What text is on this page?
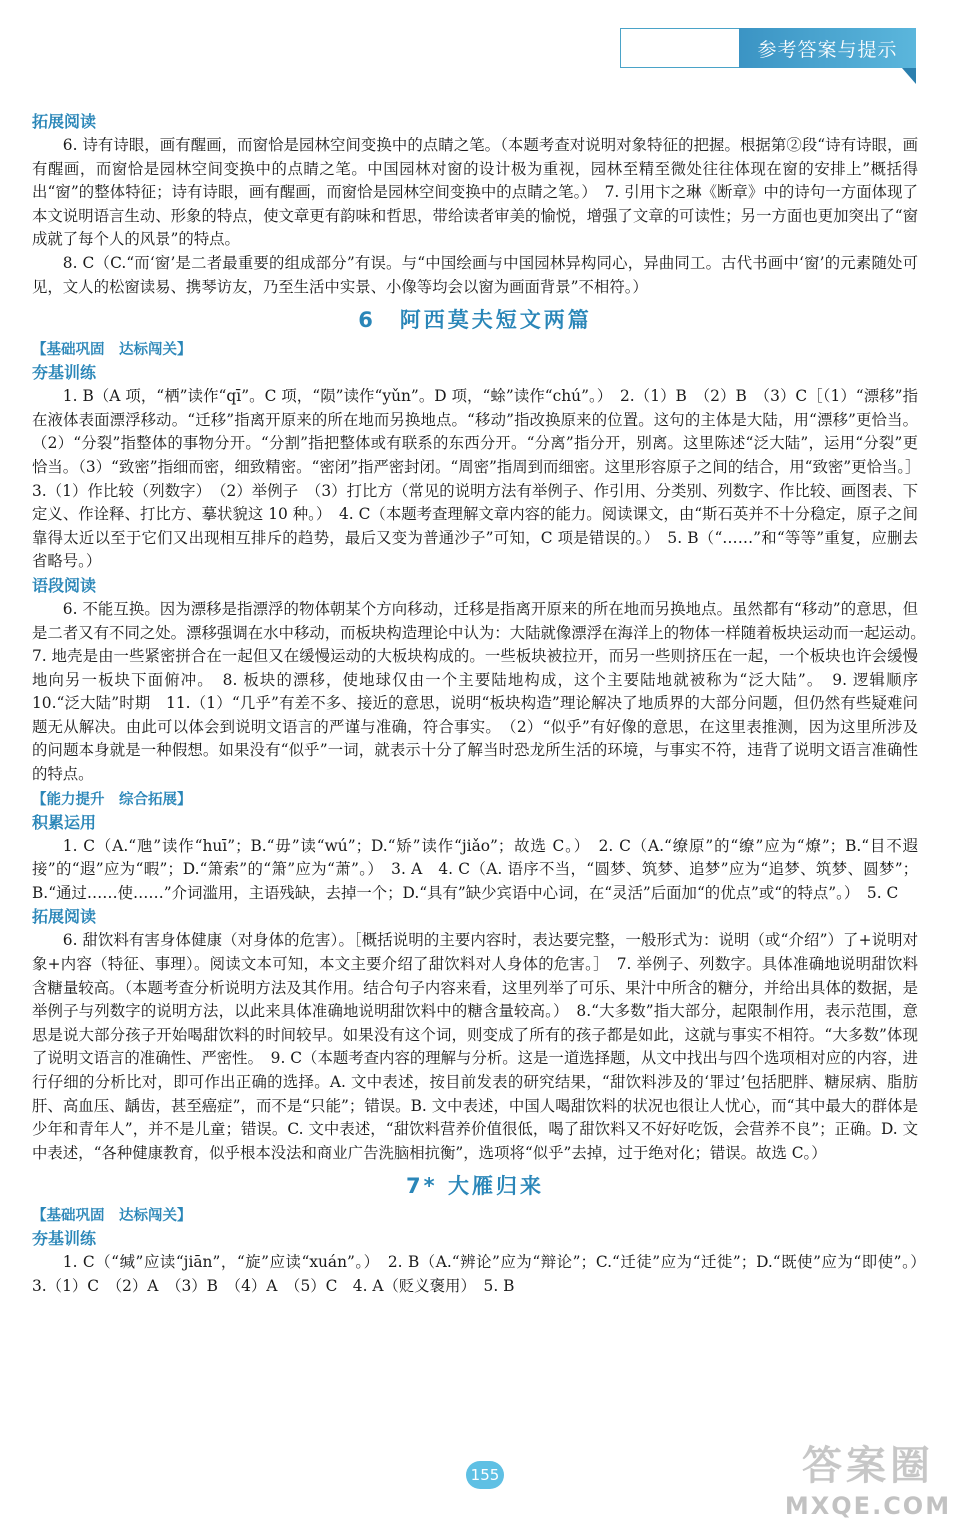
参考答案与提示

拓展阅读

6. 诗有诗眼，画有醒画，而窗恰是园林空间变换中的点睛之笔。（本题考查对说明对象特征的把握。根据第②段“诗有诗眼，画有醒画，而窗恰是园林空间变换中的点睛之笔。中国园林对窗的设计极为重视，园林至精至微处往往体现在窗的安排上”概括得出“窗”的整体特征；诗有诗眼，画有醒画，而窗恰是园林空间变换中的点睛之笔。）　7. 引用卞之琳《断章》中的诗句一方面体现了本文说明语言生动、形象的特点，使文章更有韵味和哲思，带给读者审美的愉悦，增强了文章的可读性；另一方面也更加突出了“窗成就了每个人的风景”的特点。

8. C（C.“而‘窗’是二者最重要的组成部分”有误。与“中国绘画与中国园林异构同心，异曲同工。古代书画中‘窗’的元素随处可见，文人的松窗读易、携琴访友，乃至生活中实景、小像等均会以窗为画面背景”不相符。）

6　阿西莫夫短文两篇

【基础巩固　达标闯关】

夯基训练

1. B（A 项，“栖”读作“qī”。C 项，“陨”读作“yǔn”。D 项，“蜍”读作“chú”。）　2.（1）B　（2）B　（3）C［（1）“漂移”指在液体表面漂浮移动。“迁移”指离开原来的所在地而另换地点。“移动”指改换原来的位置。这句的主体是大陆，用“漂移”更恰当。（2）“分裂”指整体的事物分开。“分割”指把整体或有联系的东西分开。“分离”指分开，别离。这里陈述“泛大陆”，运用“分裂”更恰当。（3）“致密”指细而密，细致精密。“密闭”指严密封闭。“周密”指周到而细密。这里形容原子之间的结合，用“致密”更恰当。］

3.（1）作比较（列数字）　（2）举例子　（3）打比方（常见的说明方法有举例子、作引用、分类别、列数字、作比较、画图表、下定义、作诠释、打比方、摹状貌这 10 种。）　4. C（本题考查理解文章内容的能力。阅读课文，由“斯石英并不十分稳定，原子之间靠得太近以至于它们又出现相互排斥的趋势，最后又变为普通沙子”可知，C 项是错误的。）　5. B（“……”和“等等”重复，应删去省略号。）

语段阅读

6. 不能互换。因为漂移是指漂浮的物体朝某个方向移动，迁移是指离开原来的所在地而另换地点。虽然都有“移动”的意思，但是二者又有不同之处。漂移强调在水中移动，而板块构造理论中认为：大陆就像漂浮在海洋上的物体一样随着板块运动而一起运动。　7. 地壳是由一些紧密拼合在一起但又在缓慢运动的大板块构成的。一些板块被拉开，而另一些则挤压在一起，一个板块也许会缓慢地向另一板块下面俯冲。　8. 板块的漂移，使地球仅由一个主要陆地构成，这个主要陆地就被称为“泛大陆”。　9. 逻辑顺序　10.“泛大陆”时期　11.（1）“几乎”有差不多、接近的意思，说明“板块构造”理论解决了地质界的大部分问题，但仍然有些疑难问题无从解决。由此可以体会到说明文语言的严谨与准确，符合事实。　（2）“似乎”有好像的意思，在这里表推测，因为这里所涉及的问题本身就是一种假想。如果没有“似乎”一词，就表示十分了解当时恐龙所生活的环境，与事实不符，违背了说明文语言准确性的特点。

【能力提升　综合拓展】

积累运用

1. C（A.“虺”读作“huī”；B.“毋”读“wú”；D.“矫”读作“jiǎo”；故选 C。）　2. C（A.“缭原”的“缭”应为“燎”；B.“目不遐接”的“遐”应为“暇”；D.“箫索”的“箫”应为“萧”。）　3. A　4. C（A. 语序不当，“圆梦、筑梦、追梦”应为“追梦、筑梦、圆梦”；B.“通过……使……”介词滥用，主语残缺，去掉一个；D.“具有”缺少宾语中心词，在“灵活”后面加“的优点”或“的特点”。）　5. C

拓展阅读

6. 甜饮料有害身体健康（对身体的危害）。［概括说明的主要内容时，表达要完整，一般形式为：说明（或“介绍”）了+说明对象+内容（特征、事理）。阅读文本可知，本文主要介绍了甜饮料对人身体的危害。］　7. 举例子、列数字。具体准确地说明甜饮料含糖量较高。（本题考查分析说明方法及其作用。结合句子内容来看，这里列举了可乐、果汁中所含的糖分，并给出具体的数据，是举例子与列数字的说明方法，以此来具体准确地说明甜饮料中的糖含量较高。）　8.“大多数”指大部分，起限制作用，表示范围，意思是说大部分孩子开始喝甜饮料的时间较早。如果没有这个词，则变成了所有的孩子都是如此，这就与事实不相符。“大多数”体现了说明文语言的准确性、严密性。　9. C（本题考查内容的理解与分析。这是一道选择题，从文中找出与四个选项相对应的内容，进行仔细的分析比对，即可作出正确的选择。A. 文中表述，按目前发表的研究结果，“甜饮料涉及的‘罪过’包括肥胖、糖尿病、脂肪肝、高血压、龋齿，甚至癌症”，而不是“只能”；错误。B. 文中表述，中国人喝甜饮料的状况也很让人忧心，而“其中最大的群体是少年和青年人”，并不是儿童；错误。C. 文中表述，“甜饮料营养价值很低，喝了甜饮料又不好好吃饭，会营养不良”；正确。D. 文中表述，“各种健康教育，似乎根本没法和商业广告洗脑相抗衡”，选项将“似乎”去掉，过于绝对化；错误。故选 C。）

7* 大雁归来

【基础巩固　达标闯关】

夯基训练

1. C（“缄”应读“jiān”，“旋”应读“xuán”。）　2. B（A.“辨论”应为“辩论”；C.“迁徒”应为“迁徙”；D.“既使”应为“即使”。）　3.（1）C　（2）A　（3）B　（4）A　（5）C　4. A（贬义褒用）　5. B

155	答案圈
MXQE.COM
